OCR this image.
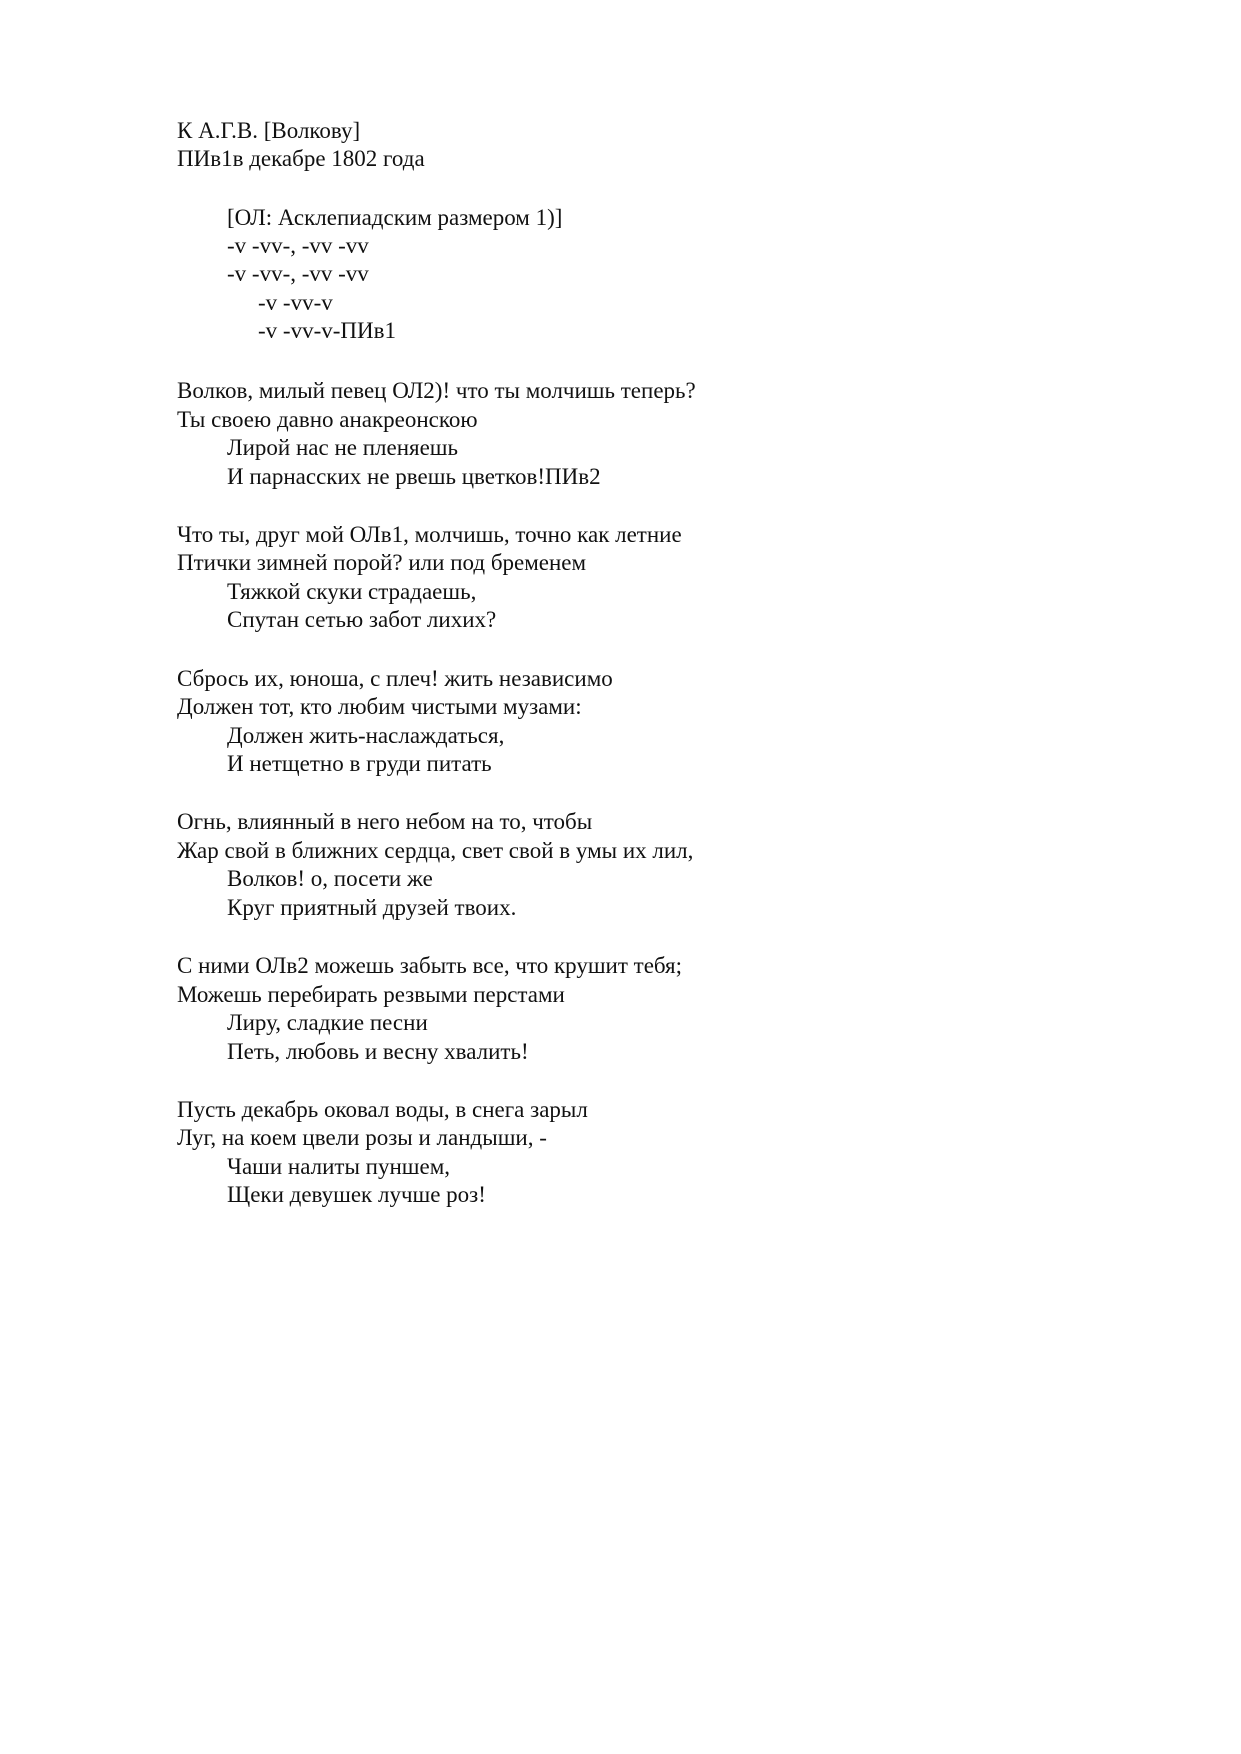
К А.Г.В. [Волкову]
ПИв1в декабре 1802 года
[ОЛ: Асклепиадским размером 1)]
-v -vv-, -vv -vv
-v -vv-, -vv -vv
-v -vv-v
-v -vv-v-ПИв1
Волков, милый певец ОЛ2)! что ты молчишь теперь?
Ты своею давно анакреонскою
Лирой нас не пленяешь
И парнасских не рвешь цветков!ПИв2
Что ты, друг мой ОЛв1, молчишь, точно как летние
Птички зимней порой? или под бременем
Тяжкой скуки страдаешь,
Спутан сетью забот лихих?
Сбрось их, юноша, с плеч! жить независимо
Должен тот, кто любим чистыми музами:
Должен жить-наслаждаться,
И нетщетно в груди питать
Огнь, влиянный в него небом на то, чтобы
Жар свой в ближних сердца, свет свой в умы их лил,
Волков! о, посети же
Круг приятный друзей твоих.
С ними ОЛв2 можешь забыть все, что крушит тебя;
Можешь перебирать резвыми перстами
Лиру, сладкие песни
Петь, любовь и весну хвалить!
Пусть декабрь оковал воды, в снега зарыл
Луг, на коем цвели розы и ландыши, -
Чаши налиты пуншем,
Щеки девушек лучше роз!
